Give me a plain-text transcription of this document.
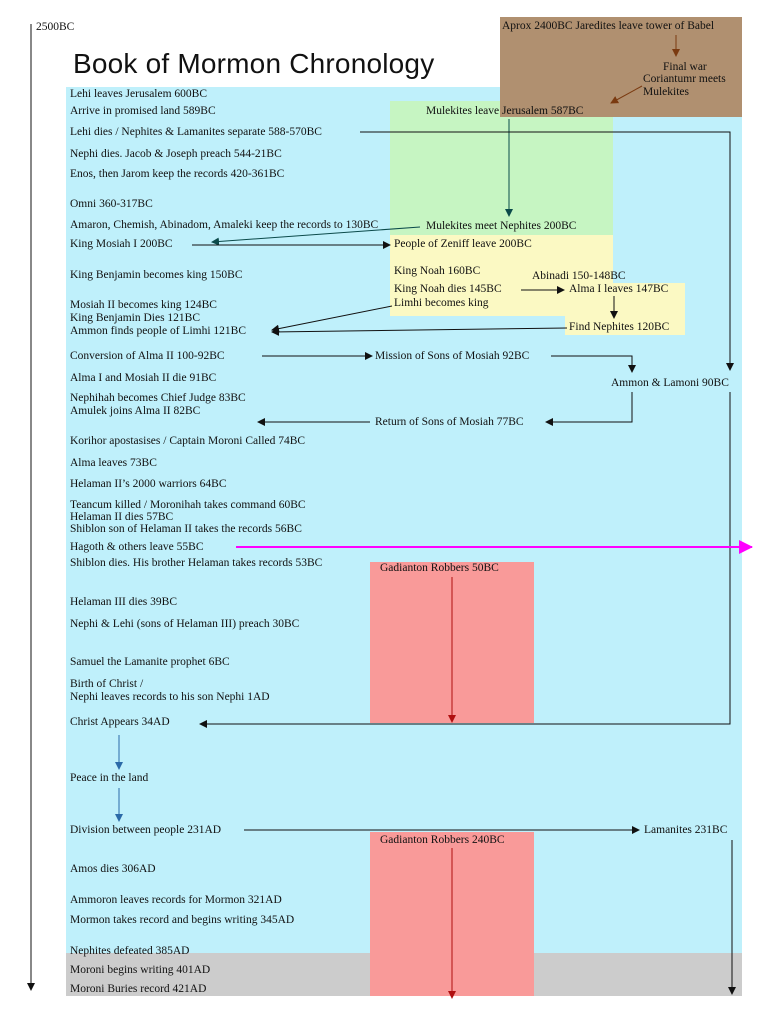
Book of Mormon Chronology
2500BC	Aprox 2400BC Jaredites leave tower of Babel
Final war
Coriantumr meets
Mulekites
Lehi leaves Jerusalem 600BC
Arrive in promised land 589BC
Lehi dies / Nephites & Lamanites separate 588-570BC
Nephi dies. Jacob & Joseph preach 544-21BC
Enos, then Jarom keep the records 420-361BC
Omni 360-317BC
Amaron, Chemish, Abinadom, Amaleki keep the records to 130BC
King Mosiah I 200BC
King Benjamin becomes king 150BC
Mosiah II becomes king 124BC
King Benjamin Dies 121BC
Ammon finds people of Limhi 121BC
Conversion of Alma II 100-92BC
Alma I and Mosiah II die 91BC
Nephihah becomes Chief Judge 83BC
Amulek joins Alma II 82BC
Korihor apostasises / Captain Moroni Called 74BC
Alma leaves 73BC
Helaman II’s 2000 warriors 64BC
Teancum killed / Moronihah takes command 60BC
Helaman II dies 57BC
Shiblon son of Helaman II takes the records 56BC
Hagoth & others leave 55BC
Shiblon dies. His brother Helaman takes records 53BC
Helaman III dies 39BC
Nephi & Lehi (sons of Helaman III) preach 30BC
Samuel the Lamanite prophet 6BC
Birth of Christ /
Nephi leaves records to his son Nephi 1AD
Christ Appears 34AD
Peace in the land
Division between people 231AD
Amos dies 306AD
Ammoron leaves records for Mormon 321AD
Mormon takes record and begins writing 345AD
Nephites defeated 385AD
Moroni begins writing 401AD
Moroni Buries record 421AD
Mulekites leave Jerusalem 587BC
Mulekites meet Nephites 200BC
People of Zeniff leave 200BC
King Noah 160BC
King Noah dies 145BC
Limhi becomes king
Abinadi 150-148BC
Alma I leaves 147BC
Find Nephites 120BC
Mission of Sons of Mosiah 92BC
Ammon & Lamoni 90BC
Return of Sons of Mosiah 77BC
Gadianton Robbers 50BC
Gadianton Robbers 240BC
Lamanites 231BC
